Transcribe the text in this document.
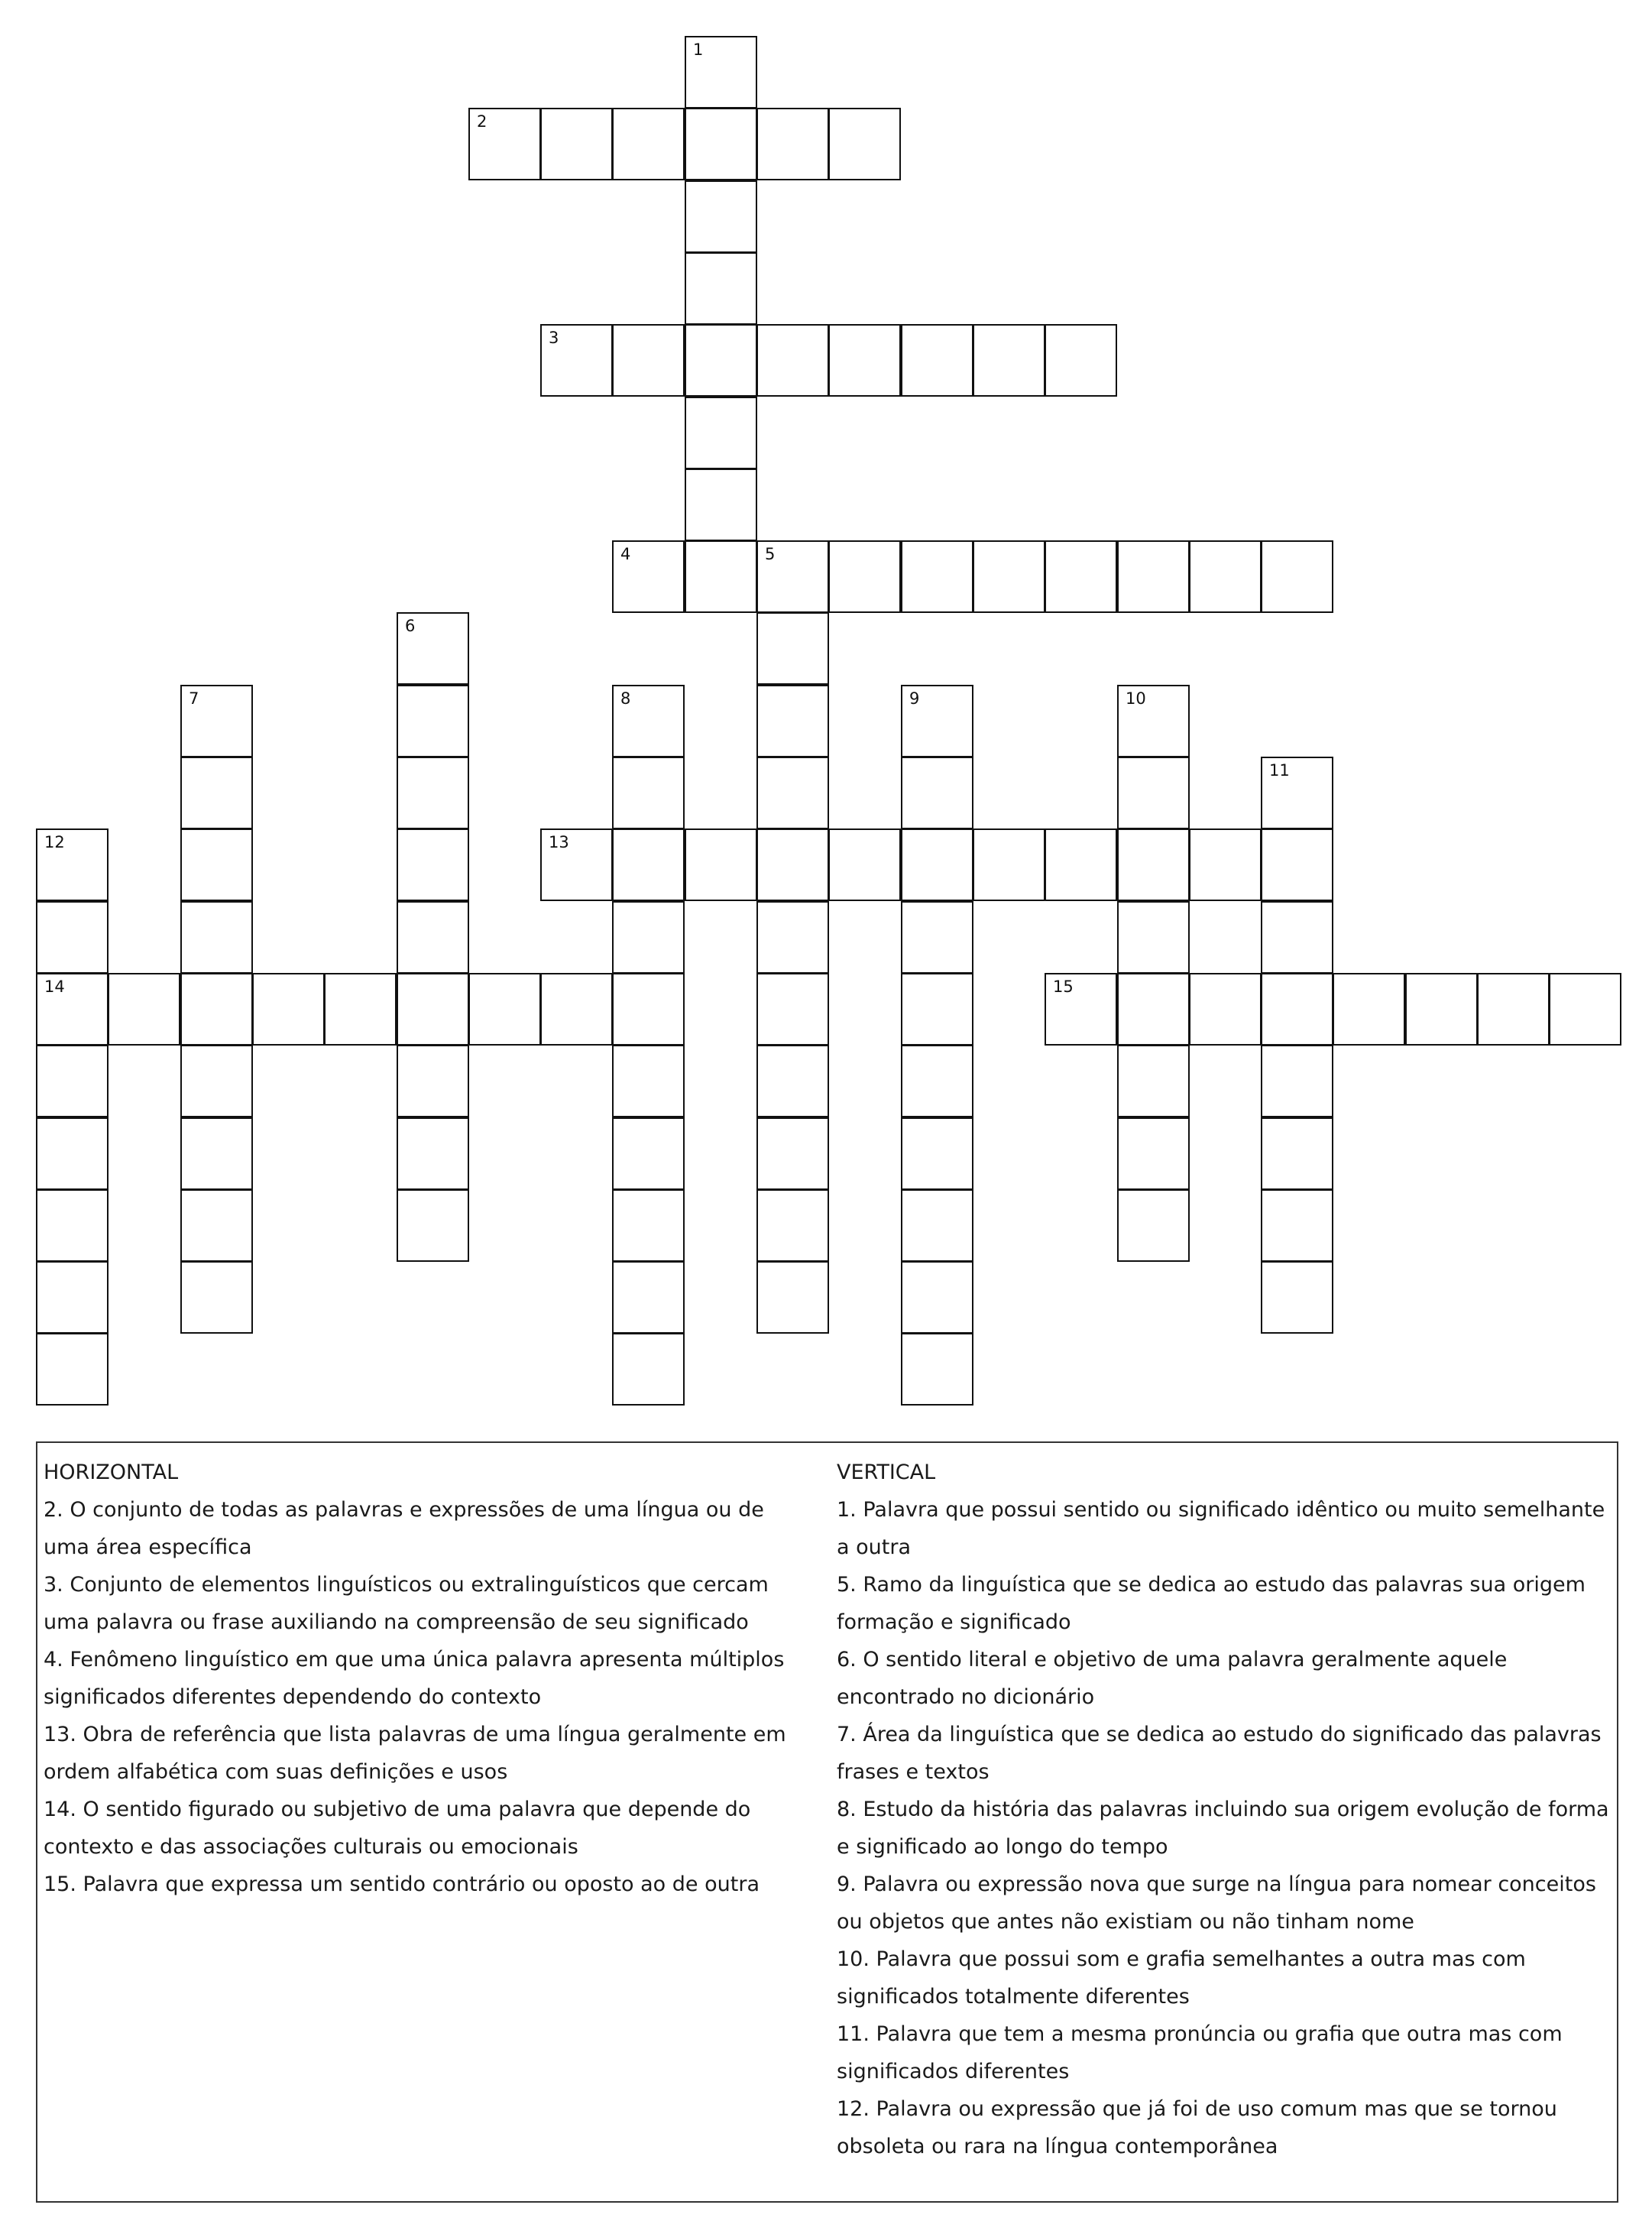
1
2
3
4	5
6
7	8	9	10
11
12	13
14	15
HORIZONTAL

2. O conjunto de todas as palavras e expressões de uma língua ou de uma área específica

3. Conjunto de elementos linguísticos ou extralinguísticos que cercam uma palavra ou frase auxiliando na compreensão de seu significado

4. Fenômeno linguístico em que uma única palavra apresenta múltiplos significados diferentes dependendo do contexto

13. Obra de referência que lista palavras de uma língua geralmente em ordem alfabética com suas definições e usos

14. O sentido figurado ou subjetivo de uma palavra que depende do contexto e das associações culturais ou emocionais

15. Palavra que expressa um sentido contrário ou oposto ao de outra

VERTICAL

1. Palavra que possui sentido ou significado idêntico ou muito semelhante a outra

5. Ramo da linguística que se dedica ao estudo das palavras sua origem formação e significado

6. O sentido literal e objetivo de uma palavra geralmente aquele encontrado no dicionário

7. Área da linguística que se dedica ao estudo do significado das palavras frases e textos

8. Estudo da história das palavras incluindo sua origem evolução de forma e significado ao longo do tempo

9. Palavra ou expressão nova que surge na língua para nomear conceitos ou objetos que antes não existiam ou não tinham nome

10. Palavra que possui som e grafia semelhantes a outra mas com significados totalmente diferentes

11. Palavra que tem a mesma pronúncia ou grafia que outra mas com significados diferentes

12. Palavra ou expressão que já foi de uso comum mas que se tornou obsoleta ou rara na língua contemporânea
